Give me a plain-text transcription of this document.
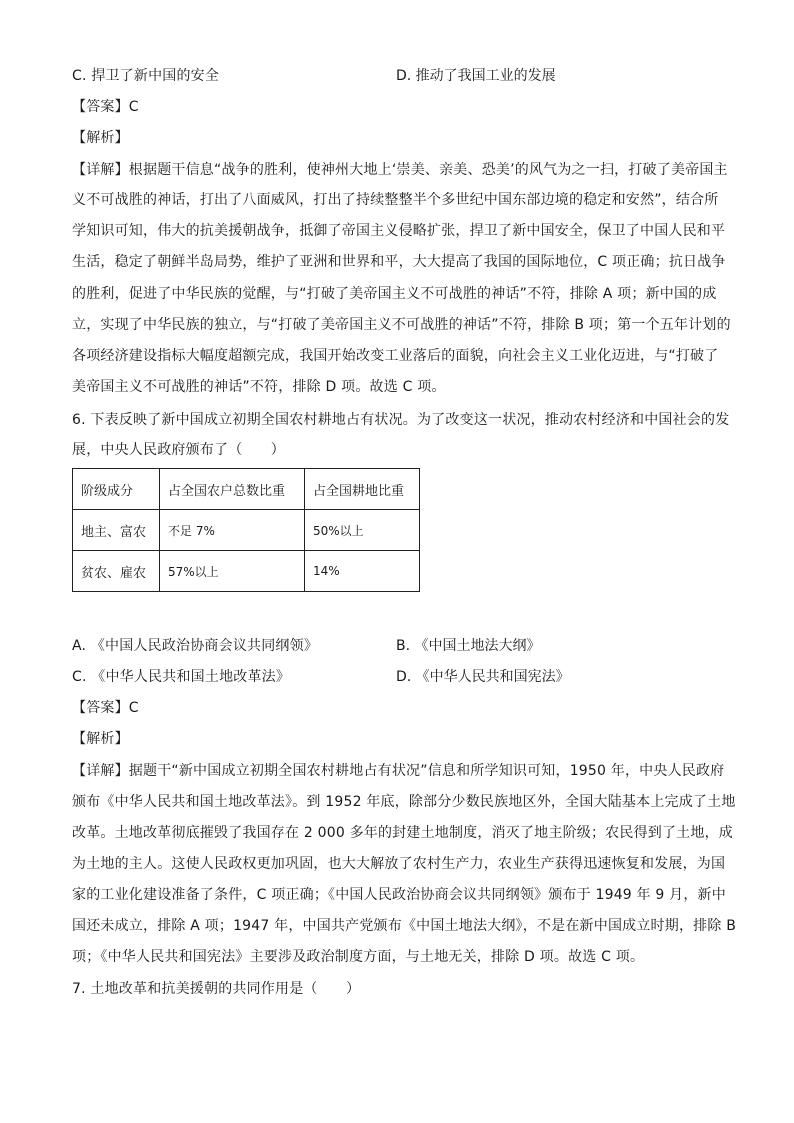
C. 捍卫了新中国的安全	D. 推动了我国工业的发展
【答案】C
【解析】
【详解】根据题干信息“战争的胜利，使神州大地上‘崇美、亲美、恐美’的风气为之一扫，打破了美帝国主
义不可战胜的神话，打出了八面威风，打出了持续整整半个多世纪中国东部边境的稳定和安然”，结合所
学知识可知，伟大的抗美援朝战争，抵御了帝国主义侵略扩张，捍卫了新中国安全，保卫了中国人民和平
生活，稳定了朝鲜半岛局势，维护了亚洲和世界和平，大大提高了我国的国际地位，C 项正确；抗日战争
的胜利，促进了中华民族的觉醒，与“打破了美帝国主义不可战胜的神话”不符，排除 A 项；新中国的成
立，实现了中华民族的独立，与“打破了美帝国主义不可战胜的神话”不符，排除 B 项；第一个五年计划的
各项经济建设指标大幅度超额完成，我国开始改变工业落后的面貌，向社会主义工业化迈进，与“打破了
美帝国主义不可战胜的神话”不符，排除 D 项。故选 C 项。
6. 下表反映了新中国成立初期全国农村耕地占有状况。为了改变这一状况，推动农村经济和中国社会的发
展，中央人民政府颁布了（　　）
阶级成分	占全国农户总数比重	占全国耕地比重
地主、富农	不足 7%	50%以上
贫农、雇农	57%以上	14%
A. 《中国人民政治协商会议共同纲领》	B. 《中国土地法大纲》
C. 《中华人民共和国土地改革法》	D. 《中华人民共和国宪法》
【答案】C
【解析】
【详解】据题干“新中国成立初期全国农村耕地占有状况”信息和所学知识可知，1950 年，中央人民政府
颁布《中华人民共和国土地改革法》。到 1952 年底，除部分少数民族地区外，全国大陆基本上完成了土地
改革。土地改革彻底摧毁了我国存在 2 000 多年的封建土地制度，消灭了地主阶级；农民得到了土地，成
为土地的主人。这使人民政权更加巩固，也大大解放了农村生产力，农业生产获得迅速恢复和发展，为国
家的工业化建设准备了条件，C 项正确；《中国人民政治协商会议共同纲领》颁布于 1949 年 9 月，新中
国还未成立，排除 A 项；1947 年，中国共产党颁布《中国土地法大纲》，不是在新中国成立时期，排除 B
项；《中华人民共和国宪法》主要涉及政治制度方面，与土地无关，排除 D 项。故选 C 项。
7. 土地改革和抗美援朝的共同作用是（　　）
